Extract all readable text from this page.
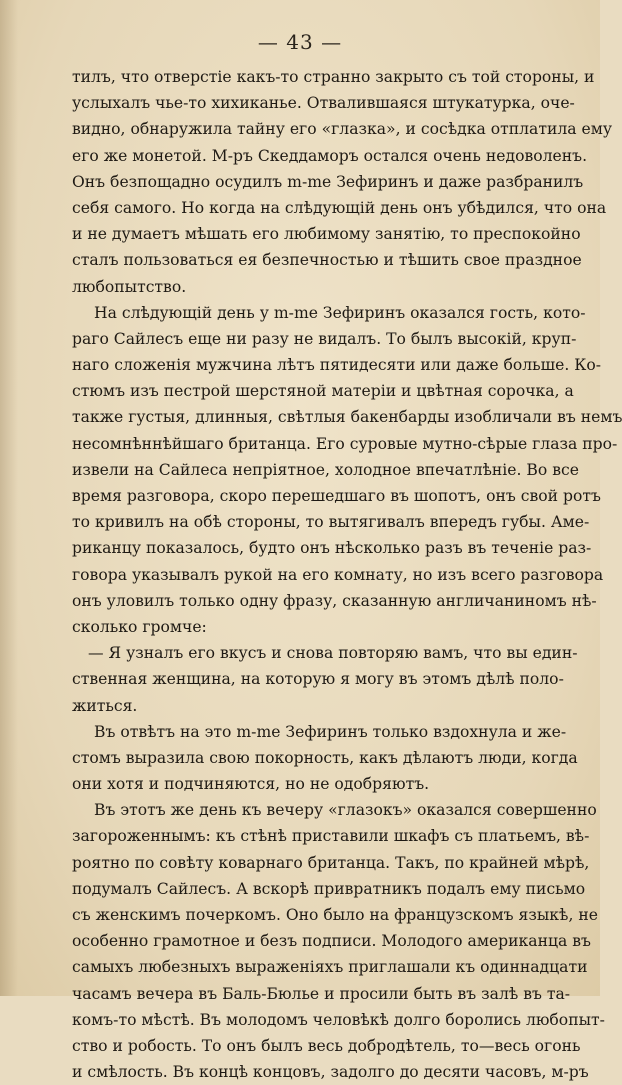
— 43 —
тилъ, что отверстіе какъ-то странно закрыто съ той стороны, и
услыхалъ чье-то хихиканье. Отвалившаяся штукатурка, оче-
видно, обнаружила тайну его «глазка», и сосѣдка отплатила ему
его же монетой. М-ръ Скеддаморъ остался очень недоволенъ.
Онъ безпощадно осудилъ m-me Зефиринъ и даже разбранилъ
себя самого. Но когда на слѣдующій день онъ убѣдился, что она
и не думаетъ мѣшать его любимому занятію, то преспокойно
сталъ пользоваться ея безпечностью и тѣшить свое праздное
любопытство.
На слѣдующій день у m-me Зефиринъ оказался гость, кото-
раго Сайлесъ еще ни разу не видалъ. То былъ высокій, круп-
наго сложенія мужчина лѣтъ пятидесяти или даже больше. Ко-
стюмъ изъ пестрой шерстяной матеріи и цвѣтная сорочка, а
также густыя, длинныя, свѣтлыя бакенбарды изобличали въ немъ
несомнѣннѣйшаго британца. Его суровые мутно-сѣрые глаза про-
извели на Сайлеса непріятное, холодное впечатлѣніе. Во все
время разговора, скоро перешедшаго въ шопотъ, онъ свой ротъ
то кривилъ на обѣ стороны, то вытягивалъ впередъ губы. Аме-
риканцу показалось, будто онъ нѣсколько разъ въ теченіе раз-
говора указывалъ рукой на его комнату, но изъ всего разговора
онъ уловилъ только одну фразу, сказанную англичаниномъ нѣ-
сколько громче:
— Я узналъ его вкусъ и снова повторяю вамъ, что вы един-
ственная женщина, на которую я могу въ этомъ дѣлѣ поло-
житься.
Въ отвѣтъ на это m-me Зефиринъ только вздохнула и же-
стомъ выразила свою покорность, какъ дѣлаютъ люди, когда
они хотя и подчиняются, но не одобряютъ.
Въ этотъ же день къ вечеру «глазокъ» оказался совершенно
загороженнымъ: къ стѣнѣ приставили шкафъ съ платьемъ, вѣ-
роятно по совѣту коварнаго британца. Такъ, по крайней мѣрѣ,
подумалъ Сайлесъ. А вскорѣ привратникъ подалъ ему письмо
съ женскимъ почеркомъ. Оно было на французскомъ языкѣ, не
особенно грамотное и безъ подписи. Молодого американца въ
самыхъ любезныхъ выраженіяхъ приглашали къ одиннадцати
часамъ вечера въ Баль-Бюлье и просили быть въ залѣ въ та-
комъ-то мѣстѣ. Въ молодомъ человѣкѣ долго боролись любопыт-
ство и робость. То онъ былъ весь добродѣтель, то—весь огонь
и смѣлость. Въ концѣ концовъ, задолго до десяти часовъ, м-ръ
